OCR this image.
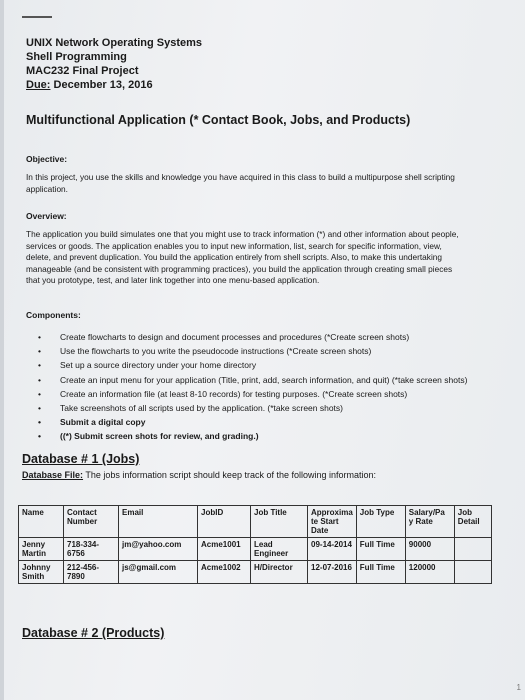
UNIX Network Operating Systems
Shell Programming
MAC232 Final Project
Due: December 13, 2016
Multifunctional Application (* Contact Book, Jobs, and Products)
Objective:
In this project, you use the skills and knowledge you have acquired in this class to build a multipurpose shell scripting
application.
Overview:
The application you build simulates one that you might use to track information (*) and other information about people,
services or goods. The application enables you to input new information, list, search for specific information, view,
delete, and prevent duplication. You build the application entirely from shell scripts. Also, to make this undertaking
manageable (and be consistent with programming practices), you build the application through creating small pieces
that you prototype, test, and later link together into one menu-based application.
Components:
• Create flowcharts to design and document processes and procedures (*Create screen shots)
• Use the flowcharts to you write the pseudocode instructions (*Create screen shots)
• Set up a source directory under your home directory
• Create an input menu for your application (Title, print, add, search information, and quit) (*take screen shots)
• Create an information file (at least 8-10 records) for testing purposes. (*Create screen shots)
• Take screenshots of all scripts used by the application. (*take screen shots)
• Submit a digital copy
• ((*) Submit screen shots for review, and grading.)
Database # 1 (Jobs)
Database File: The jobs information script should keep track of the following information:
Name	Contact Number	Email	JobID	Job Title	Approxima te Start Date	Job Type	Salary/Pa y Rate	Job Detail
Jenny Martin	718-334-6756	jm@yahoo.com	Acme1001	Lead Engineer	09-14-2014	Full Time	90000	
Johnny Smith	212-456-7890	js@gmail.com	Acme1002	H/Director	12-07-2016	Full Time	120000	
Database # 2 (Products)
1
